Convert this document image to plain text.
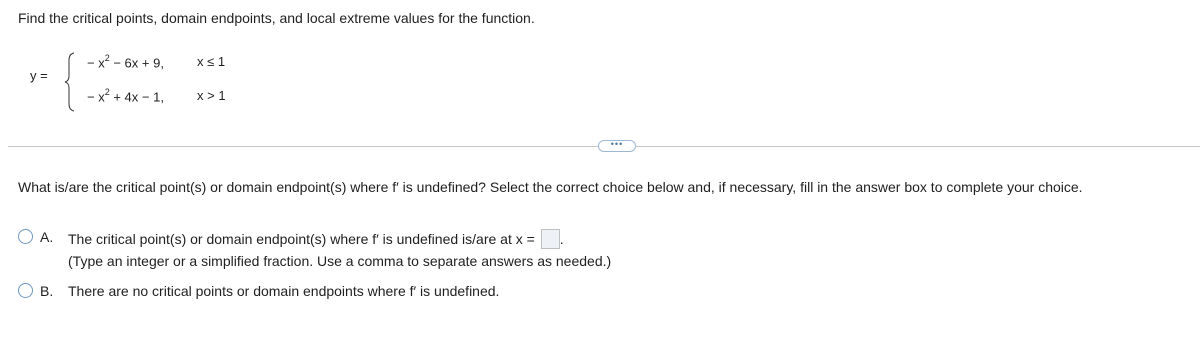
Find the critical points, domain endpoints, and local extreme values for the function.
y =
− $x^2 - 6x + 9$,	x ≤ 1
− $x^2 + 4x - 1$,	x > 1
•••
What is/are the critical point(s) or domain endpoint(s) where f′ is undefined? Select the correct choice below and, if necessary, fill in the answer box to complete your choice.
A. The critical point(s) or domain endpoint(s) where f′ is undefined is/are at x = .
(Type an integer or a simplified fraction. Use a comma to separate answers as needed.)
B. There are no critical points or domain endpoints where f′ is undefined.
